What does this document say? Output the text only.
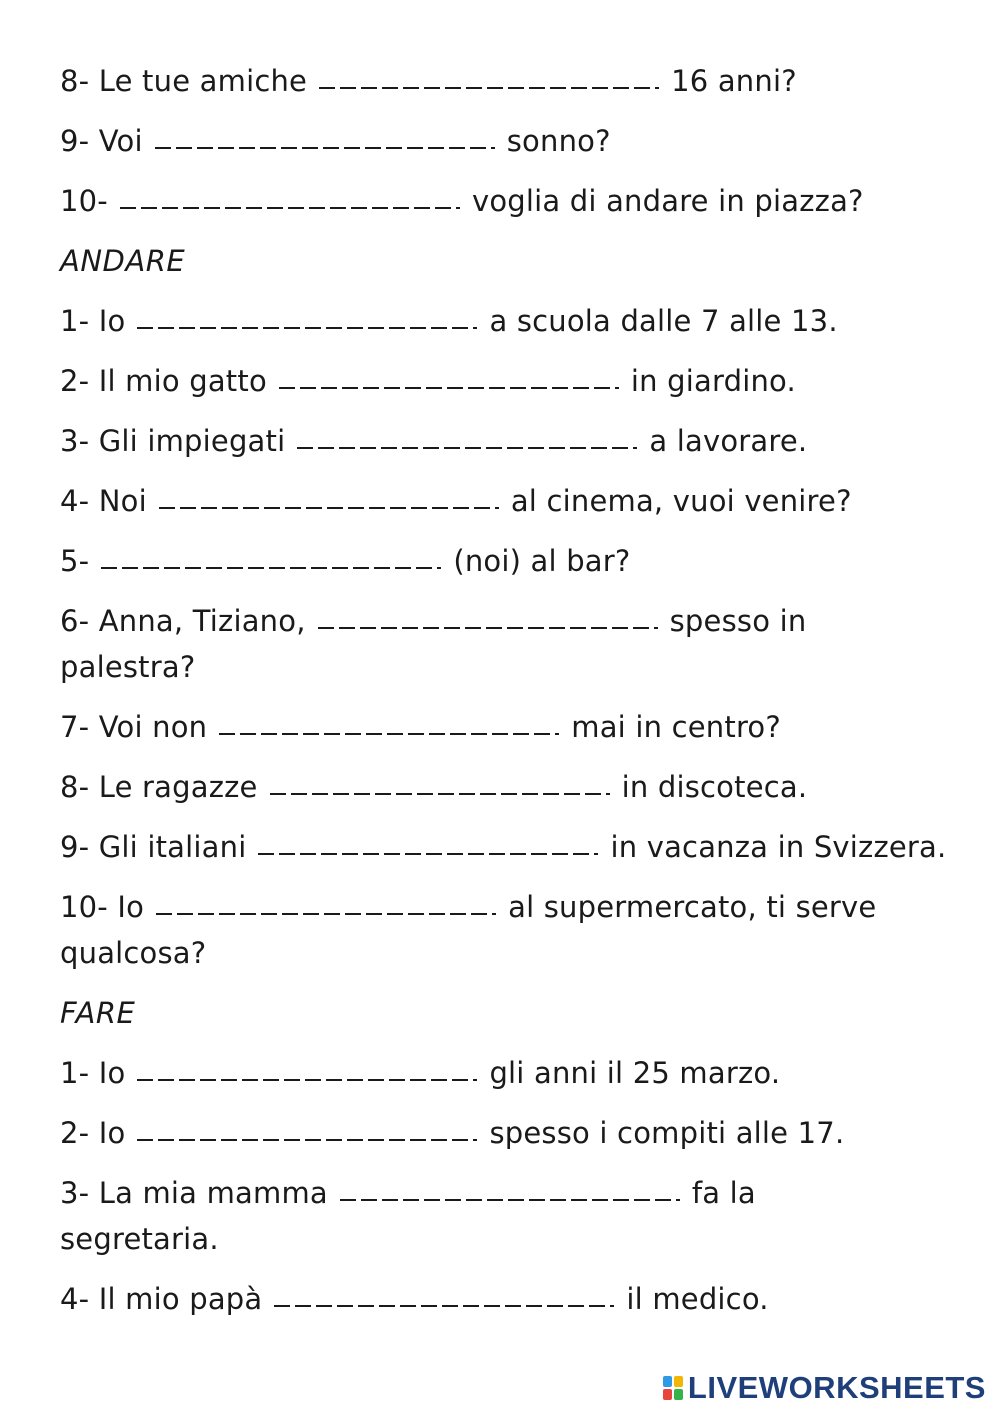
8- Le tue amiche	16 anni?
9- Voi	sonno?
10-	voglia di andare in piazza?
ANDARE
1- Io	a scuola dalle 7 alle 13.
2- Il mio gatto	in giardino.
3- Gli impiegati	a lavorare.
4- Noi	al cinema, vuoi venire?
5-	(noi) al bar?
6- Anna, Tiziano,	spesso in
palestra?
7- Voi non	mai in centro?
8- Le ragazze	in discoteca.
9- Gli italiani	in vacanza in Svizzera.
10- Io	al supermercato, ti serve
qualcosa?
FARE
1- Io	gli anni il 25 marzo.
2- Io	spesso i compiti alle 17.
3- La mia mamma	fa la
segretaria.
4- Il mio papà	il medico.
LIVEWORKSHEETS
